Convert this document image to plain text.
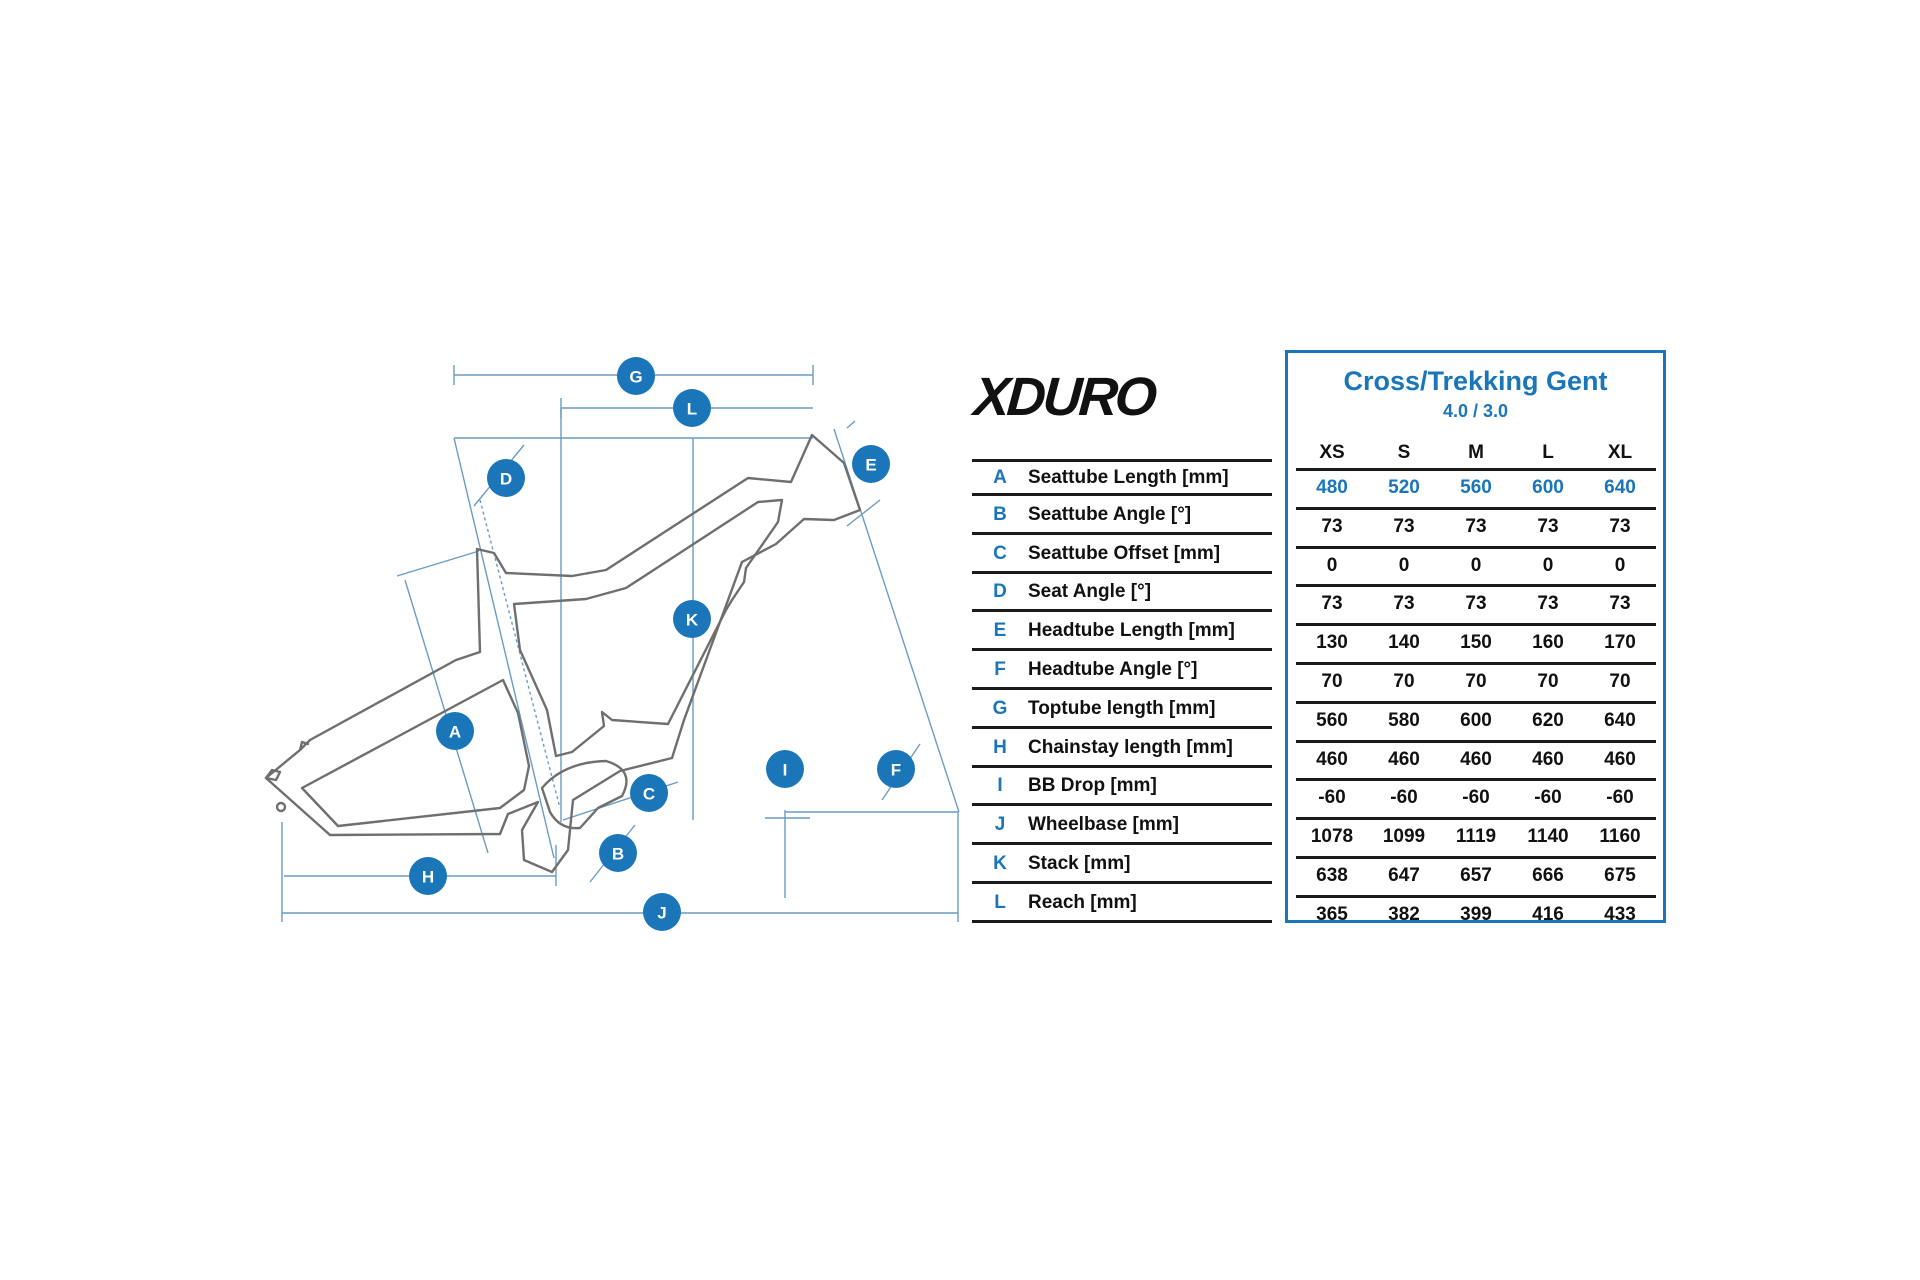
G
L
D
E
K
A
C
I	F
B
H
J
XDURO
A	Seattube Length [mm]
B	Seattube Angle [°]
C	Seattube Offset [mm]
D	Seat Angle [°]
E	Headtube Length [mm]
F	Headtube Angle [°]
G	Toptube length [mm]
H	Chainstay length [mm]
I	BB Drop [mm]
J	Wheelbase [mm]
K	Stack [mm]
L	Reach [mm]
Cross/Trekking Gent
4.0 / 3.0
XS	S	M	L	XL
480	520	560	600	640
73	73	73	73	73
0	0	0	0	0
73	73	73	73	73
130	140	150	160	170
70	70	70	70	70
560	580	600	620	640
460	460	460	460	460
-60	-60	-60	-60	-60
1078	1099	1119	1140	1160
638	647	657	666	675
365	382	399	416	433
